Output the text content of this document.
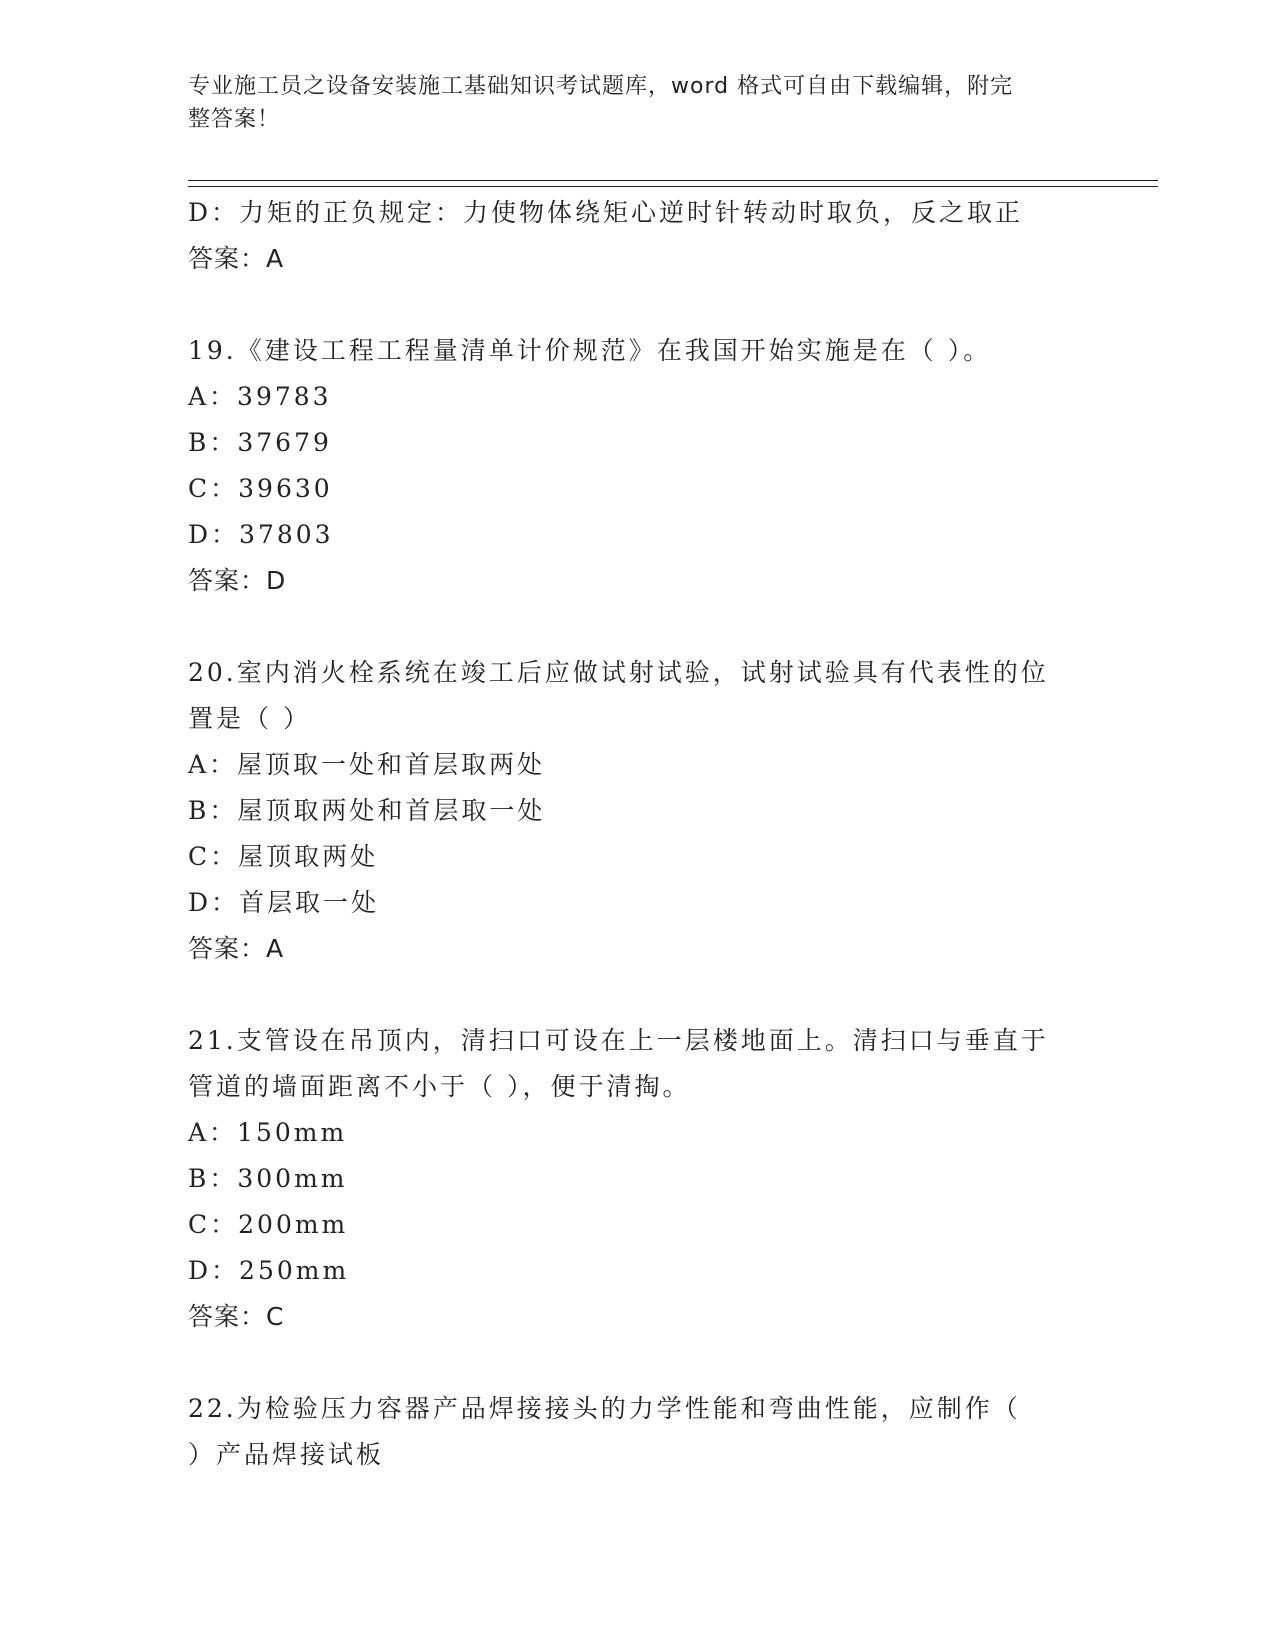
专业施工员之设备安装施工基础知识考试题库，word 格式可自由下载编辑，附完
整答案！
D：力矩的正负规定：力使物体绕矩心逆时针转动时取负，反之取正
答案：A
19.《建设工程工程量清单计价规范》在我国开始实施是在（ ）。
A：39783
B：37679
C：39630
D：37803
答案：D
20.室内消火栓系统在竣工后应做试射试验，试射试验具有代表性的位
置是（ ）
A：屋顶取一处和首层取两处
B：屋顶取两处和首层取一处
C：屋顶取两处
D：首层取一处
答案：A
21.支管设在吊顶内，清扫口可设在上一层楼地面上。清扫口与垂直于
管道的墙面距离不小于（ ），便于清掏。
A：150mm
B：300mm
C：200mm
D：250mm
答案：C
22.为检验压力容器产品焊接接头的力学性能和弯曲性能，应制作（
）产品焊接试板
